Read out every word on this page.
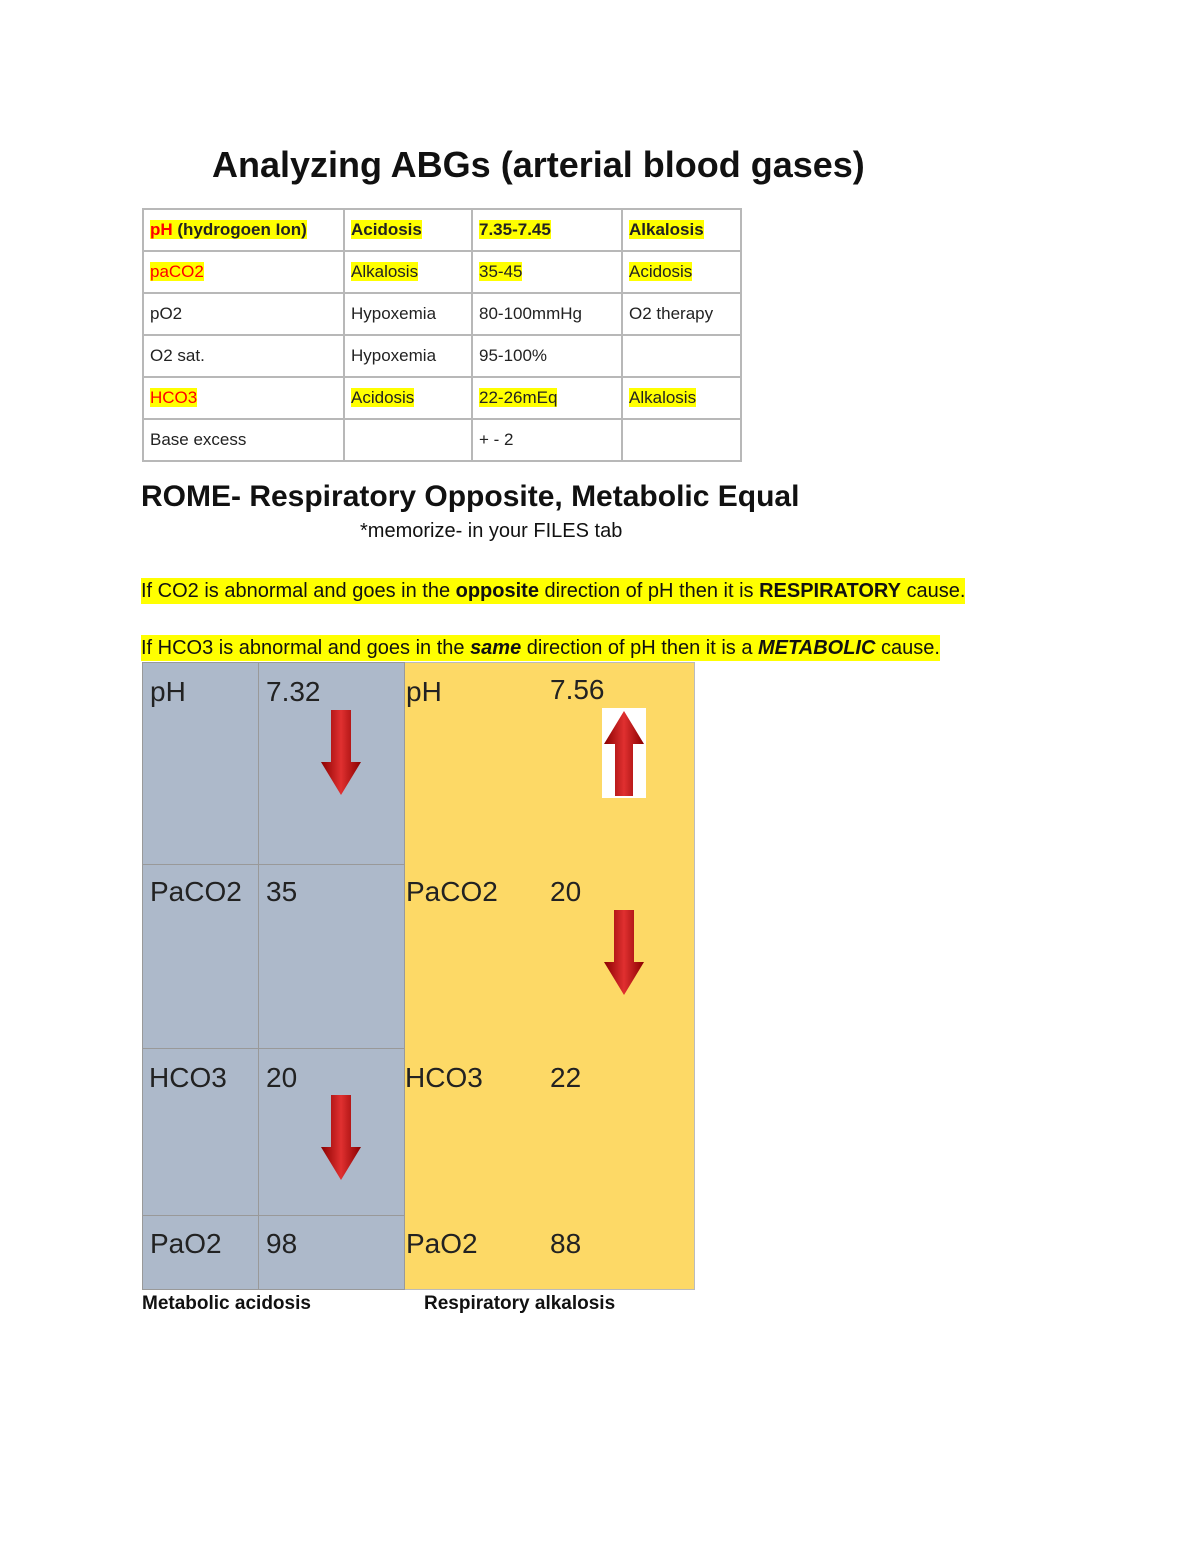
Analyzing ABGs (arterial blood gases)
pH (hydrogoen Ion)	Acidosis	7.35-7.45	Alkalosis
paCO2	Alkalosis	35-45	Acidosis
pO2	Hypoxemia	80-100mmHg	O2 therapy
O2 sat.	Hypoxemia	95-100%	
HCO3	Acidosis	22-26mEq	Alkalosis
Base excess		+ - 2	
ROME- Respiratory Opposite, Metabolic Equal
*memorize- in your FILES tab
If CO2 is abnormal and goes in the opposite direction of pH then it is RESPIRATORY cause.
If HCO3 is abnormal and goes in the same direction of pH then it is a METABOLIC cause.
pH	7.32
PaCO2 35
HCO3 20
PaO2 98
pH	7.56
PaCO2 20
HCO3 22
PaO2	88
Metabolic acidosis	Respiratory alkalosis
